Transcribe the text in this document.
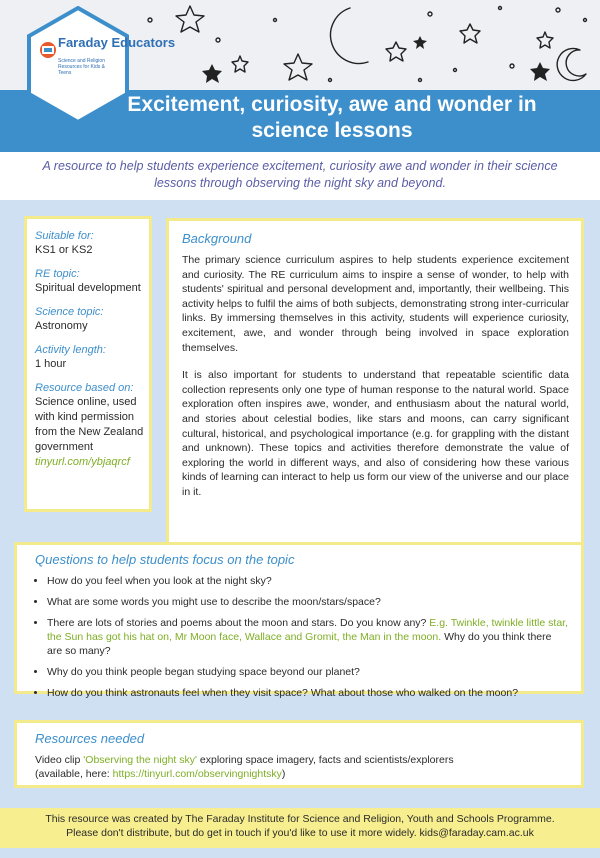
Faraday Educators
Science and Religion Resources for Kids & Teens
Excitement, curiosity, awe and wonder in science lessons
A resource to help students experience excitement, curiosity awe and wonder in their science lessons through observing the night sky and beyond.
Suitable for:
KS1 or KS2
RE topic:
Spiritual development
Science topic:
Astronomy
Activity length:
1 hour
Resource based on:
Science online, used with kind permission from the New Zealand government
tinyurl.com/ybjaqrcf
Background

The primary science curriculum aspires to help students experience excitement and curiosity. The RE curriculum aims to inspire a sense of wonder, to help with students' spiritual and personal development and, importantly, their wellbeing. This activity helps to fulfil the aims of both subjects, demonstrating strong inter-curricular links. By immersing themselves in this activity, students will experience curiosity, excitement, awe, and wonder through being involved in space exploration themselves.

It is also important for students to understand that repeatable scientific data collection represents only one type of human response to the natural world. Space exploration often inspires awe, wonder, and enthusiasm about the natural world, and stories about celestial bodies, like stars and moons, can carry significant cultural, historical, and psychological importance (e.g. for grappling with the distant and unknown). These topics and activities therefore demonstrate the value of exploring the world in different ways, and also of considering how these various kinds of learning can interact to help us form our view of the universe and our place in it.

Questions to help students focus on the topic
• How do you feel when you look at the night sky?
• What are some words you might use to describe the moon/stars/space?
• There are lots of stories and poems about the moon and stars. Do you know any? E.g. Twinkle, twinkle little star, the Sun has got his hat on, Mr Moon face, Wallace and Gromit, the Man in the moon. Why do you think there are so many?
• Why do you think people began studying space beyond our planet?
• How do you think astronauts feel when they visit space? What about those who walked on the moon?
Resources needed
Video clip 'Observing the night sky' exploring space imagery, facts and scientists/explorers
(available, here: https://tinyurl.com/observingnightsky)
This resource was created by The Faraday Institute for Science and Religion, Youth and Schools Programme.
Please don't distribute, but do get in touch if you'd like to use it more widely. kids@faraday.cam.ac.uk
